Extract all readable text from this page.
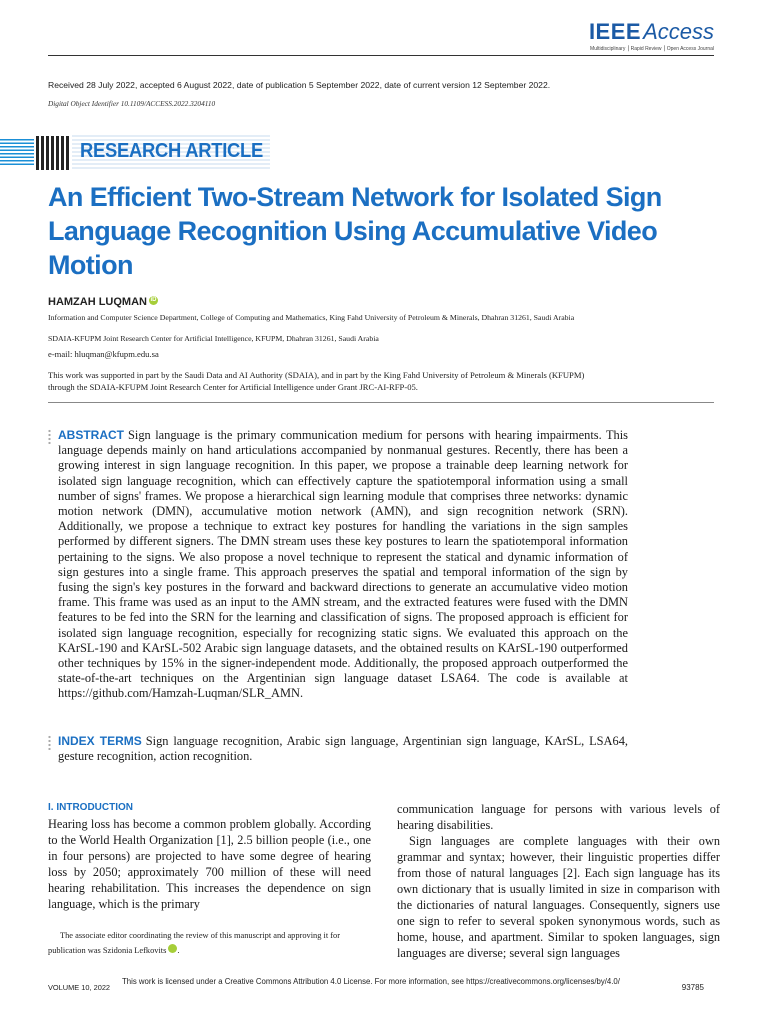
IEEEAccess
Multidisciplinary ⎟ Rapid Review ⎟ Open Access Journal
Received 28 July 2022, accepted 6 August 2022, date of publication 5 September 2022, date of current version 12 September 2022.
Digital Object Identifier 10.1109/ACCESS.2022.3204110
RESEARCH ARTICLE
An Efficient Two-Stream Network for Isolated Sign Language Recognition Using Accumulative Video Motion
HAMZAH LUQMAN iD
Information and Computer Science Department, College of Computing and Mathematics, King Fahd University of Petroleum & Minerals, Dhahran 31261, Saudi Arabia
SDAIA-KFUPM Joint Research Center for Artificial Intelligence, KFUPM, Dhahran 31261, Saudi Arabia
e-mail: hluqman@kfupm.edu.sa
This work was supported in part by the Saudi Data and AI Authority (SDAIA), and in part by the King Fahd University of Petroleum & Minerals (KFUPM) through the SDAIA-KFUPM Joint Research Center for Artificial Intelligence under Grant JRC-AI-RFP-05.
ABSTRACT Sign language is the primary communication medium for persons with hearing impairments. This language depends mainly on hand articulations accompanied by nonmanual gestures. Recently, there has been a growing interest in sign language recognition. In this paper, we propose a trainable deep learning network for isolated sign language recognition, which can effectively capture the spatiotemporal information using a small number of signs' frames. We propose a hierarchical sign learning module that comprises three networks: dynamic motion network (DMN), accumulative motion network (AMN), and sign recognition network (SRN). Additionally, we propose a technique to extract key postures for handling the variations in the sign samples performed by different signers. The DMN stream uses these key postures to learn the spatiotemporal information pertaining to the signs. We also propose a novel technique to represent the statical and dynamic information of sign gestures into a single frame. This approach preserves the spatial and temporal information of the sign by fusing the sign's key postures in the forward and backward directions to generate an accumulative video motion frame. This frame was used as an input to the AMN stream, and the extracted features were fused with the DMN features to be fed into the SRN for the learning and classification of signs. The proposed approach is efficient for isolated sign language recognition, especially for recognizing static signs. We evaluated this approach on the KArSL-190 and KArSL-502 Arabic sign language datasets, and the obtained results on KArSL-190 outperformed other techniques by 15% in the signer-independent mode. Additionally, the proposed approach outperformed the state-of-the-art techniques on the Argentinian sign language dataset LSA64. The code is available at https://github.com/Hamzah-Luqman/SLR_AMN.
INDEX TERMS Sign language recognition, Arabic sign language, Argentinian sign language, KArSL, LSA64, gesture recognition, action recognition.
I. INTRODUCTION

Hearing loss has become a common problem globally. According to the World Health Organization [1], 2.5 billion people (i.e., one in four persons) are projected to have some degree of hearing loss by 2050; approximately 700 million of these will need hearing rehabilitation. This increases the dependence on sign language, which is the primary

communication language for persons with various levels of hearing disabilities.

Sign languages are complete languages with their own grammar and syntax; however, their linguistic properties differ from those of natural languages [2]. Each sign language has its own dictionary that is usually limited in size in comparison with the dictionaries of natural languages. Consequently, signers use one sign to refer to several spoken synonymous words, such as home, house, and apartment. Similar to spoken languages, sign languages are diverse; several sign languages

The associate editor coordinating the review of this manuscript and approving it for publication was Szidonia Lefkovits iD.
VOLUME 10, 2022
This work is licensed under a Creative Commons Attribution 4.0 License. For more information, see https://creativecommons.org/licenses/by/4.0/
93785
